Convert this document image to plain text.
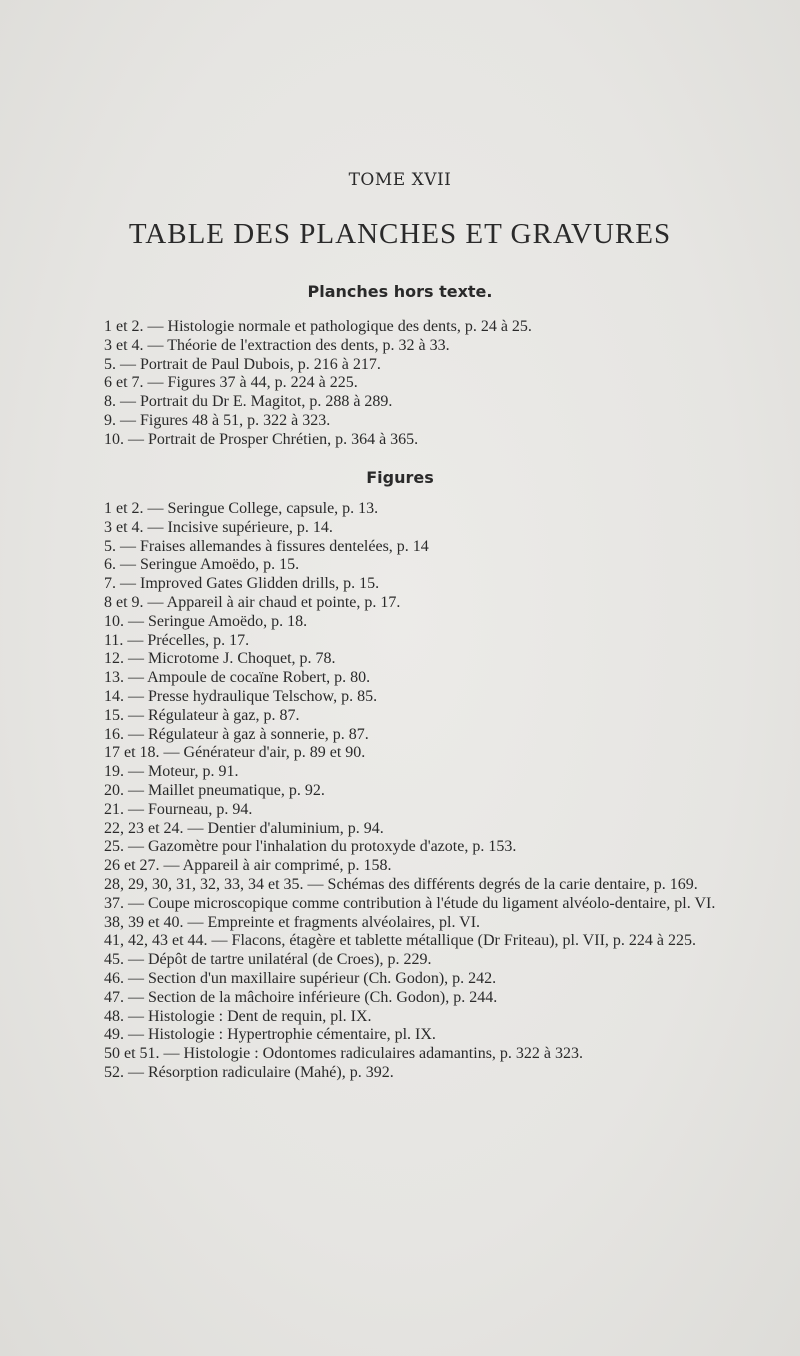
TOME XVII
TABLE DES PLANCHES ET GRAVURES
Planches hors texte.
1 et 2. — Histologie normale et pathologique des dents, p. 24 à 25.
3 et 4. — Théorie de l'extraction des dents, p. 32 à 33.
5. — Portrait de Paul Dubois, p. 216 à 217.
6 et 7. — Figures 37 à 44, p. 224 à 225.
8. — Portrait du Dr E. Magitot, p. 288 à 289.
9. — Figures 48 à 51, p. 322 à 323.
10. — Portrait de Prosper Chrétien, p. 364 à 365.
Figures
1 et 2. — Seringue College, capsule, p. 13.
3 et 4. — Incisive supérieure, p. 14.
5. — Fraises allemandes à fissures dentelées, p. 14
6. — Seringue Amoëdo, p. 15.
7. — Improved Gates Glidden drills, p. 15.
8 et 9. — Appareil à air chaud et pointe, p. 17.
10. — Seringue Amoëdo, p. 18.
11. — Précelles, p. 17.
12. — Microtome J. Choquet, p. 78.
13. — Ampoule de cocaïne Robert, p. 80.
14. — Presse hydraulique Telschow, p. 85.
15. — Régulateur à gaz, p. 87.
16. — Régulateur à gaz à sonnerie, p. 87.
17 et 18. — Générateur d'air, p. 89 et 90.
19. — Moteur, p. 91.
20. — Maillet pneumatique, p. 92.
21. — Fourneau, p. 94.
22, 23 et 24. — Dentier d'aluminium, p. 94.
25. — Gazomètre pour l'inhalation du protoxyde d'azote, p. 153.
26 et 27. — Appareil à air comprimé, p. 158.
28, 29, 30, 31, 32, 33, 34 et 35. — Schémas des différents degrés de la carie dentaire, p. 169.
37. — Coupe microscopique comme contribution à l'étude du ligament alvéolo-dentaire, pl. VI.
38, 39 et 40. — Empreinte et fragments alvéolaires, pl. VI.
41, 42, 43 et 44. — Flacons, étagère et tablette métallique (Dr Friteau), pl. VII, p. 224 à 225.
45. — Dépôt de tartre unilatéral (de Croes), p. 229.
46. — Section d'un maxillaire supérieur (Ch. Godon), p. 242.
47. — Section de la mâchoire inférieure (Ch. Godon), p. 244.
48. — Histologie : Dent de requin, pl. IX.
49. — Histologie : Hypertrophie cémentaire, pl. IX.
50 et 51. — Histologie : Odontomes radiculaires adamantins, p. 322 à 323.
52. — Résorption radiculaire (Mahé), p. 392.
